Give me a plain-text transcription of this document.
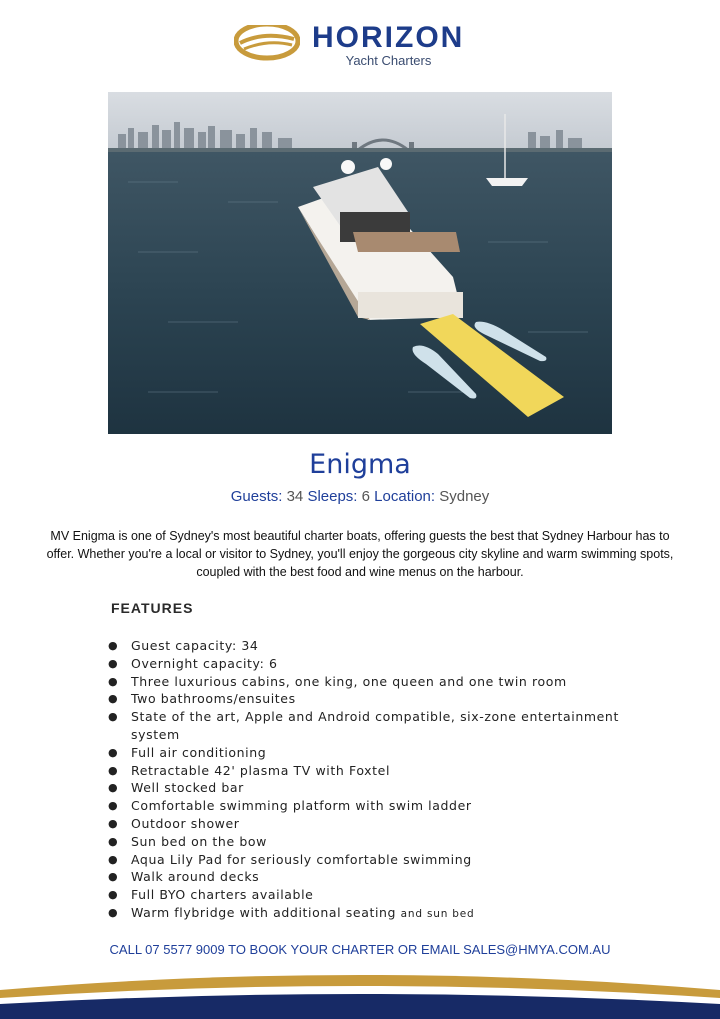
HORIZON
Yacht Charters
Enigma
Guests: 34 Sleeps: 6 Location: Sydney
MV Enigma is one of Sydney's most beautiful charter boats, offering guests the best that Sydney Harbour has to offer. Whether you're a local or visitor to Sydney, you'll enjoy the gorgeous city skyline and warm swimming spots, coupled with the best food and wine menus on the harbour.
FEATURES
● Guest capacity: 34
● Overnight capacity: 6
● Three luxurious cabins, one king, one queen and one twin room
● Two bathrooms/ensuites
● State of the art, Apple and Android compatible, six-zone entertainment system
● Full air conditioning
● Retractable 42' plasma TV with Foxtel
● Well stocked bar
● Comfortable swimming platform with swim ladder
● Outdoor shower
● Sun bed on the bow
● Aqua Lily Pad for seriously comfortable swimming
● Walk around decks
● Full BYO charters available
● Warm flybridge with additional seating and sun bed
CALL 07 5577 9009 TO BOOK YOUR CHARTER OR EMAIL SALES@HMYA.COM.AU
